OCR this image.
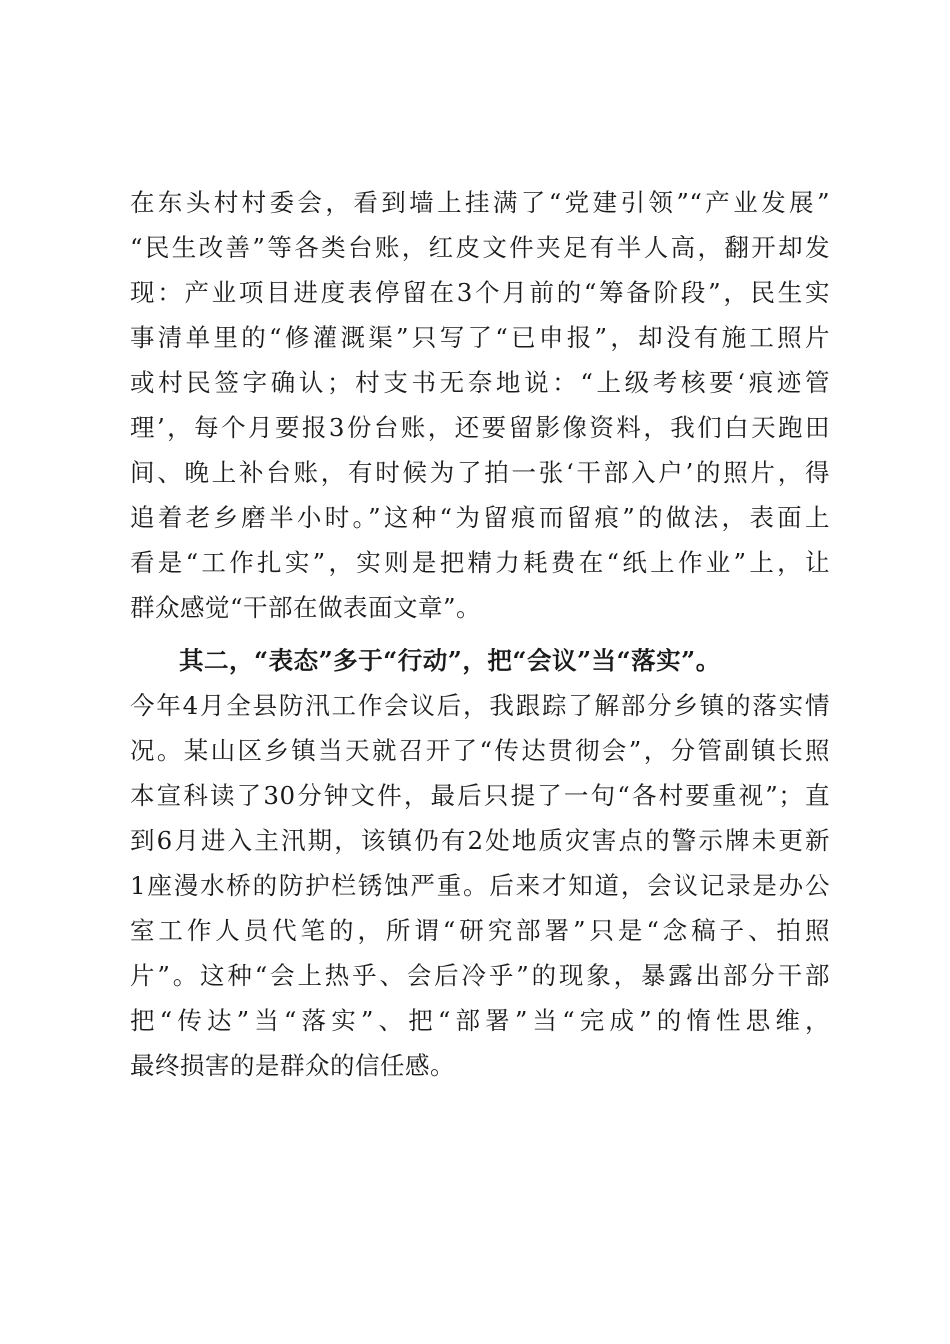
在东头村村委会，看到墙上挂满了“党建引领”“产业发展”
“民生改善”等各类台账，红皮文件夹足有半人高，翻开却发
现：产业项目进度表停留在3个月前的“筹备阶段”，民生实
事清单里的“修灌溉渠”只写了“已申报”，却没有施工照片
或村民签字确认；村支书无奈地说：“上级考核要‘痕迹管
理’，每个月要报3份台账，还要留影像资料，我们白天跑田
间、晚上补台账，有时候为了拍一张‘干部入户’的照片，得
追着老乡磨半小时。”这种“为留痕而留痕”的做法，表面上
看是“工作扎实”，实则是把精力耗费在“纸上作业”上，让
群众感觉“干部在做表面文章”。
其二，“表态”多于“行动”，把“会议”当“落实”。
今年4月全县防汛工作会议后，我跟踪了解部分乡镇的落实情
况。某山区乡镇当天就召开了“传达贯彻会”，分管副镇长照
本宣科读了30分钟文件，最后只提了一句“各村要重视”；直
到6月进入主汛期，该镇仍有2处地质灾害点的警示牌未更新
1座漫水桥的防护栏锈蚀严重。后来才知道，会议记录是办公
室工作人员代笔的，所谓“研究部署”只是“念稿子、拍照
片”。这种“会上热乎、会后冷乎”的现象，暴露出部分干部
把“传达”当“落实”、把“部署”当“完成”的惰性思维，
最终损害的是群众的信任感。
